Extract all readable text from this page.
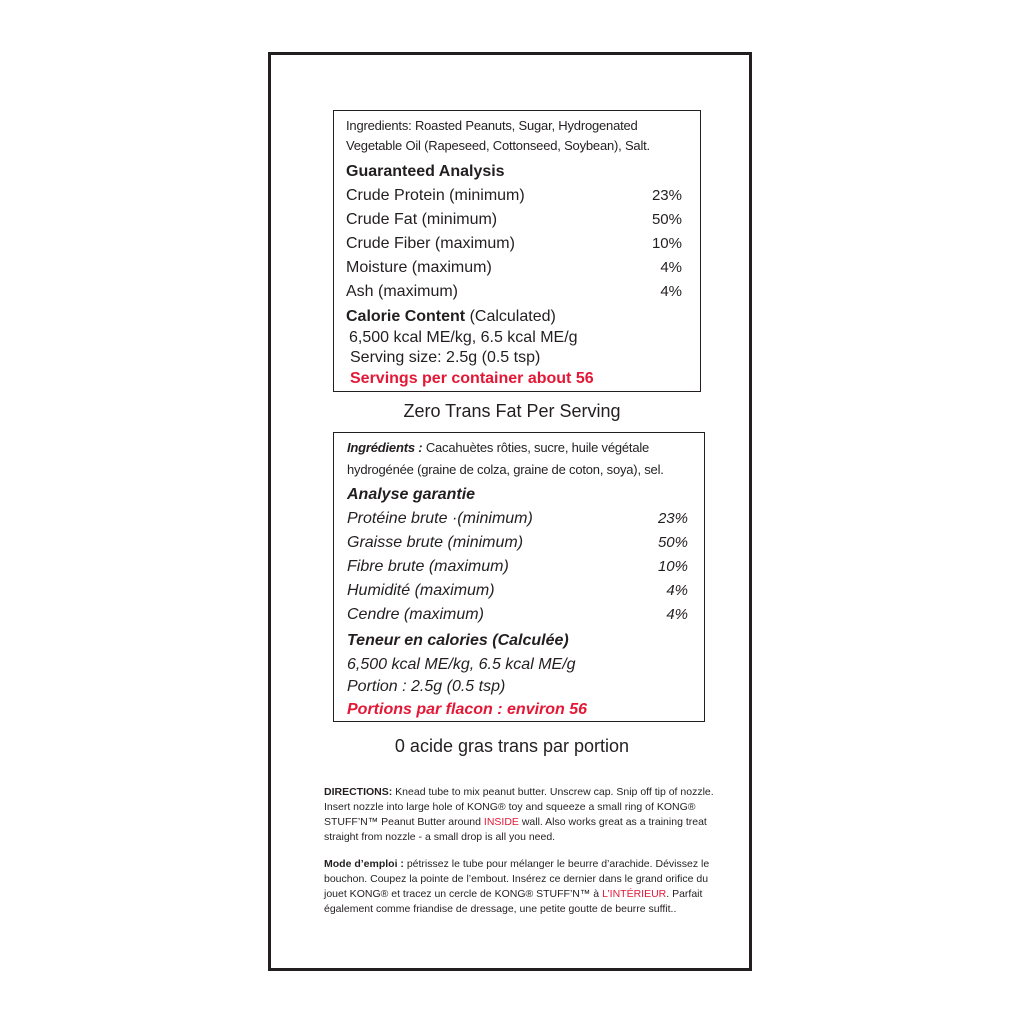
Ingredients: Roasted Peanuts, Sugar, Hydrogenated
Vegetable Oil (Rapeseed, Cottonseed, Soybean), Salt.
Guaranteed Analysis
Crude Protein (minimum)	23%
Crude Fat (minimum)	50%
Crude Fiber (maximum)	10%
Moisture (maximum)	4%
Ash (maximum)	4%
Calorie Content (Calculated)
6,500 kcal ME/kg, 6.5 kcal ME/g
Serving size: 2.5g (0.5 tsp)
Servings per container about 56
Zero Trans Fat Per Serving
Ingrédients : Cacahuètes rôties, sucre, huile végétale
hydrogénée (graine de colza, graine de coton, soya), sel.
Analyse garantie
Protéine brute ·(minimum)	23%
Graisse brute (minimum)	50%
Fibre brute (maximum)	10%
Humidité (maximum)	4%
Cendre (maximum)	4%
Teneur en calories (Calculée)
6,500 kcal ME/kg, 6.5 kcal ME/g
Portion : 2.5g (0.5 tsp)
Portions par flacon : environ 56
0 acide gras trans par portion
DIRECTIONS: Knead tube to mix peanut butter. Unscrew cap. Snip off tip of nozzle. Insert nozzle into large hole of KONG® toy and squeeze a small ring of KONG® STUFF’N™ Peanut Butter around INSIDE wall. Also works great as a training treat straight from nozzle - a small drop is all you need.
Mode d’emploi : pétrissez le tube pour mélanger le beurre d’arachide. Dévissez le bouchon. Coupez la pointe de l’embout. Insérez ce dernier dans le grand orifice du jouet KONG® et tracez un cercle de KONG® STUFF’N™ à L’INTÉRIEUR. Parfait également comme friandise de dressage, une petite goutte de beurre suffit..
